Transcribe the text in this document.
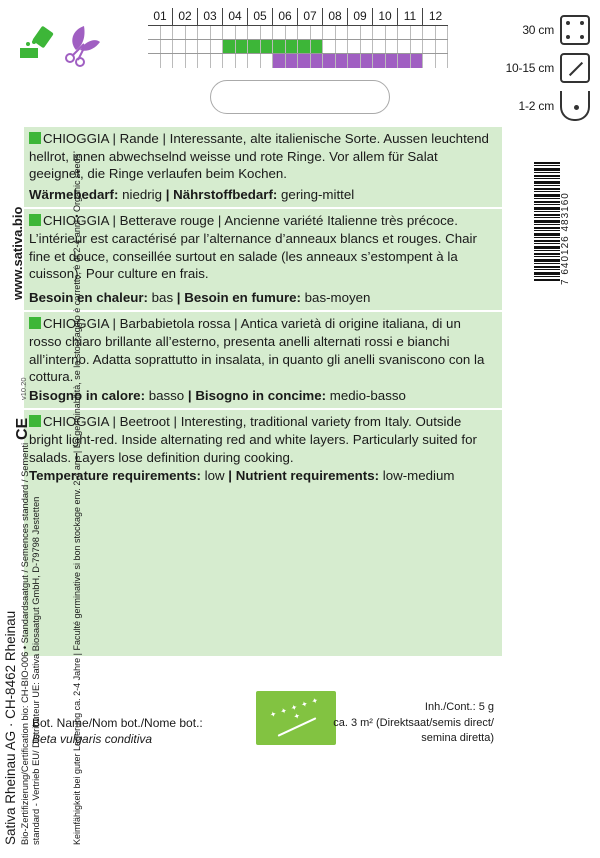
01 02 03 04 05 06 07 08 09 10	11	12
30 cm
10-15 cm
1-2 cm
CHIOGGIA | Rande | Interessante, alte italienische Sorte. Aussen leuchtend hellrot, innen abwechselnd weisse und rote Ringe. Vor allem für Salat geeignet, die Ringe verlaufen beim Kochen.
Wärmebedarf: niedrig | Nährstoffbedarf: gering-mittel
CHIOGGIA | Betterave rouge | Ancienne variété Italienne très précoce. L’intérieur est caractérisé par l’alternance d’anneaux blancs et rouges. Chair fine et douce, conseillée surtout en salade (les anneaux s’estompent à la cuisson). Pour culture en frais.
Besoin en chaleur: bas | Besoin en fumure: bas-moyen
CHIOGGIA | Barbabietola rossa | Antica varietà di origine italiana, di un rosso chiaro brillante all’esterno, presenta anelli alternati rossi e bianchi all’interno. Adatta soprattutto in insalata, in quanto gli anelli svaniscono con la cottura.
Bisogno in calore: basso | Bisogno in concime: medio-basso
CHIOGGIA | Beetroot | Interesting, traditional variety from Italy. Outside bright light-red. Inside alternating red and white layers. Particularly suited for salads. Layers lose definition during cooking.
Temperature requirements: low | Nutrient requirements: low-medium
www.sativa.bio
v10.20
CE
Sativa Rheinau AG · CH-8462 Rheinau Bio-Zertifizierung/Certification bio: CH-BIO-006 • Standardsaatgut / Semences standard / Sementi standard - Vertrieb EU/ Distributeur UE: Sativa Biosaatgut GmbH, D-79798 Jestetten	Keimfähigkeit bei guter Lagerung ca. 2-4 Jahre | Faculté germinative si bon stockage env. 2-4 ans | La germinabilità, se lo stoccaggio è corretto, è di 2-4 anni • Organic seeds	7 640126 483160
Bot. Name/Nom bot./Nome bot.:
Beta vulgaris conditiva
✦ ✦ ✦ ✦ ✦ ✦
Inh./Cont.: 5 g
ca. 3 m² (Direktsaat/semis direct/
semina diretta)
